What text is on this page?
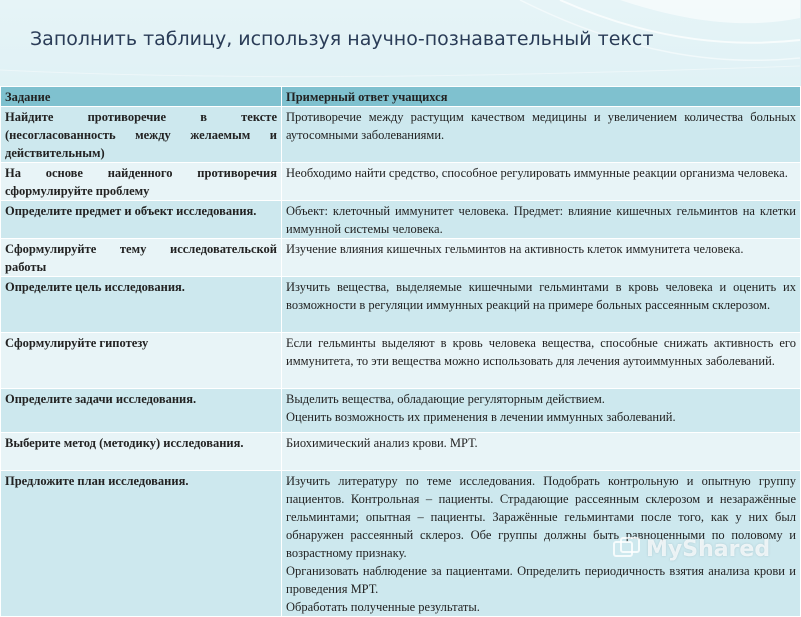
Заполнить таблицу, используя научно-познавательный текст
Задание	Примерный ответ учащихся
Найдите противоречие в тексте (несогласованность между желаемым и действительным)	Противоречие между растущим качеством медицины и увеличением количества больных аутосомными заболеваниями.

На основе найденного противоречия сформулируйте проблему	Необходимо найти средство, способное регулировать иммунные реакции организма человека.

Определите предмет и объект исследования.	Объект: клеточный иммунитет человека. Предмет: влияние кишечных гельминтов на клетки иммунной системы человека.

Сформулируйте тему исследовательской работы	Изучение влияния кишечных гельминтов на активность клеток иммунитета человека.

Определите цель исследования.	Изучить вещества, выделяемые кишечными гельминтами в кровь человека и оценить их возможности в регуляции иммунных реакций на примере больных рассеянным склерозом.

Сформулируйте гипотезу	Если гельминты выделяют в кровь человека вещества, способные снижать активность его иммунитета, то эти вещества можно использовать для лечения аутоиммунных заболеваний.

Определите задачи исследования.	Выделить вещества, обладающие регуляторным действием.
Оценить возможность их применения в лечении иммунных заболеваний.

Выберите метод (методику) исследования.	Биохимический анализ крови. МРТ.

Предложите план исследования.	Изучить литературу по теме исследования. Подобрать контрольную и опытную группу пациентов. Контрольная – пациенты. Страдающие рассеянным склерозом и незаражённые гельминтами; опытная – пациенты. Заражённые гельминтами после того, как у них был обнаружен рассеянный склероз. Обе группы должны быть равноценными по половому и возрастному признаку.
Организовать наблюдение за пациентами. Определить периодичность взятия анализа крови и проведения МРТ.
Обработать полученные результаты.
MyShared
